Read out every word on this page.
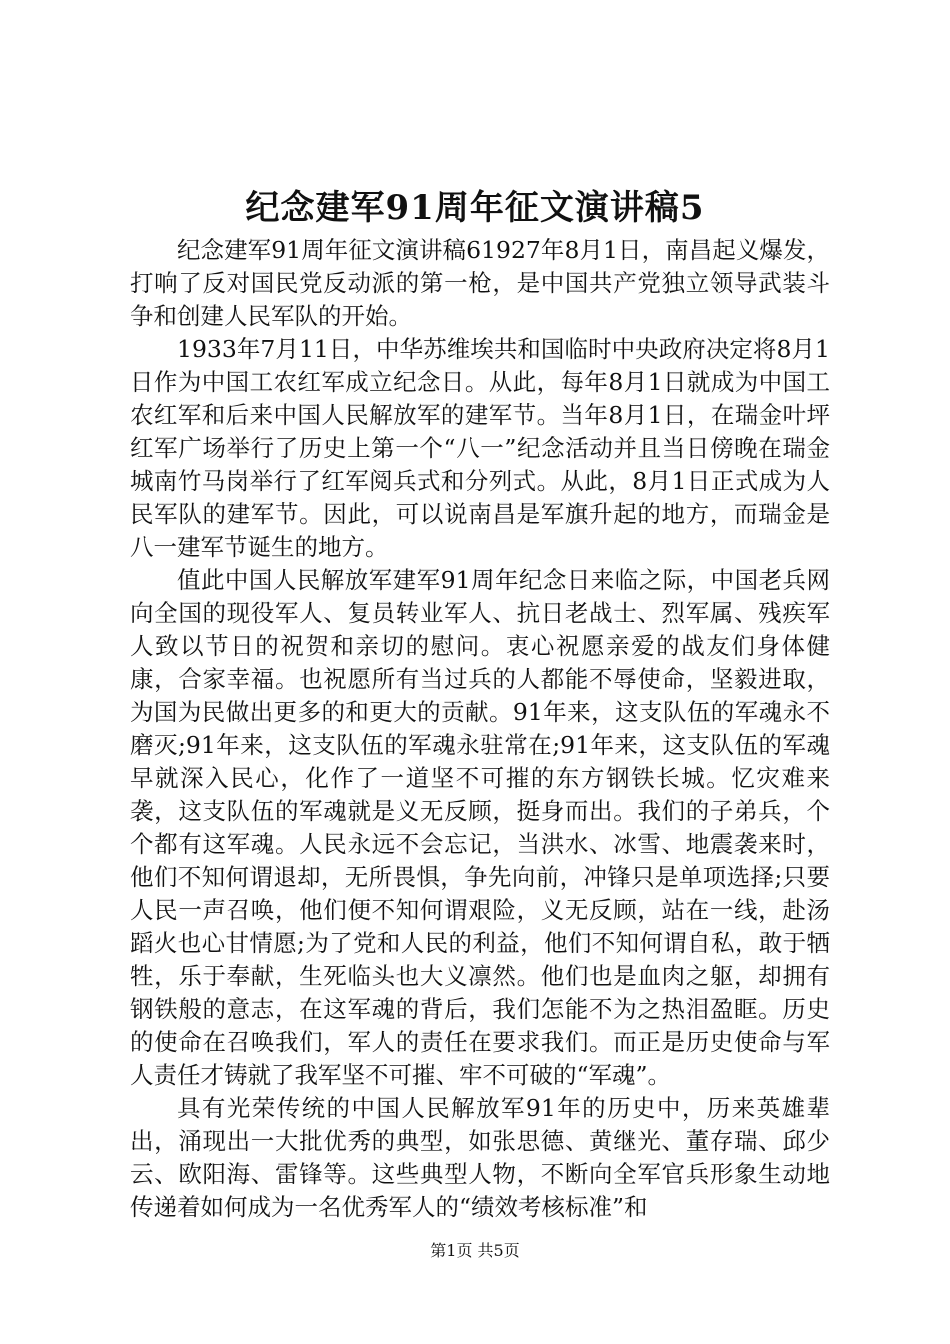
纪念建军91周年征文演讲稿5

纪念建军91周年征文演讲稿61927年8月1日，南昌起义爆发，打响了反对国民党反动派的第一枪，是中国共产党独立领导武装斗争和创建人民军队的开始。

1933年7月11日，中华苏维埃共和国临时中央政府决定将8月1日作为中国工农红军成立纪念日。从此，每年8月1日就成为中国工农红军和后来中国人民解放军的建军节。当年8月1日，在瑞金叶坪红军广场举行了历史上第一个“八一”纪念活动并且当日傍晚在瑞金城南竹马岗举行了红军阅兵式和分列式。从此，8月1日正式成为人民军队的建军节。因此，可以说南昌是军旗升起的地方，而瑞金是八一建军节诞生的地方。

值此中国人民解放军建军91周年纪念日来临之际，中国老兵网向全国的现役军人、复员转业军人、抗日老战士、烈军属、残疾军人致以节日的祝贺和亲切的慰问。衷心祝愿亲爱的战友们身体健康，合家幸福。也祝愿所有当过兵的人都能不辱使命，坚毅进取，为国为民做出更多的和更大的贡献。91年来，这支队伍的军魂永不磨灭;91年来，这支队伍的军魂永驻常在;91年来，这支队伍的军魂早就深入民心，化作了一道坚不可摧的东方钢铁长城。忆灾难来袭，这支队伍的军魂就是义无反顾，挺身而出。我们的子弟兵，个个都有这军魂。人民永远不会忘记，当洪水、冰雪、地震袭来时，他们不知何谓退却，无所畏惧，争先向前，冲锋只是单项选择;只要人民一声召唤，他们便不知何谓艰险，义无反顾，站在一线，赴汤蹈火也心甘情愿;为了党和人民的利益，他们不知何谓自私，敢于牺牲，乐于奉献，生死临头也大义凛然。他们也是血肉之躯，却拥有钢铁般的意志，在这军魂的背后，我们怎能不为之热泪盈眶。历史的使命在召唤我们，军人的责任在要求我们。而正是历史使命与军人责任才铸就了我军坚不可摧、牢不可破的“军魂”。

具有光荣传统的中国人民解放军91年的历史中，历来英雄辈出，涌现出一大批优秀的典型，如张思德、黄继光、董存瑞、邱少云、欧阳海、雷锋等。这些典型人物，不断向全军官兵形象生动地传递着如何成为一名优秀军人的“绩效考核标准”和

第1页 共5页
